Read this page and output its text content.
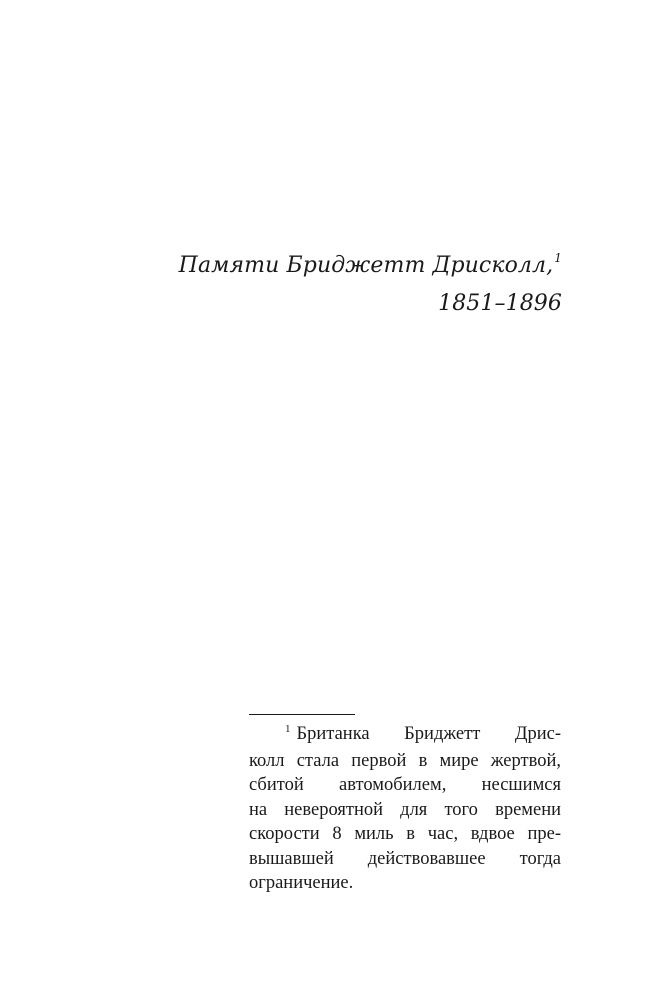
Памяти Бриджетт Дрисколл,$^1$
1851–1896
$^1$ Британка Бриджетт Дрис-
колл стала первой в мире жертвой,
сбитой автомобилем, несшимся
на невероятной для того времени
скорости 8 миль в час, вдвое пре-
вышавшей действовавшее тогда
ограничение.
